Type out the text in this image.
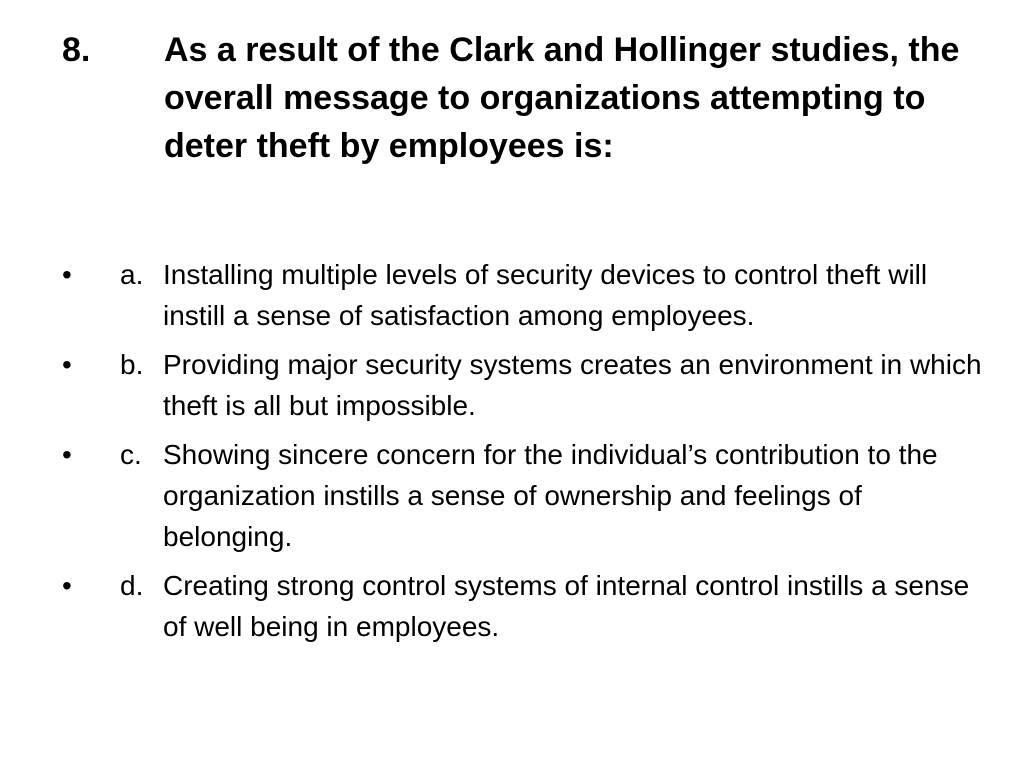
8.	As a result of the Clark and Hollinger studies, the overall message to organizations attempting to deter theft by employees is:
•	a. Installing multiple levels of security devices to control theft will instill a sense of satisfaction among employees.
•	b. Providing major security systems creates an environment in which theft is all but impossible.
•	c. Showing sincere concern for the individual’s contribution to the organization instills a sense of ownership and feelings of belonging.
•	d. Creating strong control systems of internal control instills a sense of well being in employees.
